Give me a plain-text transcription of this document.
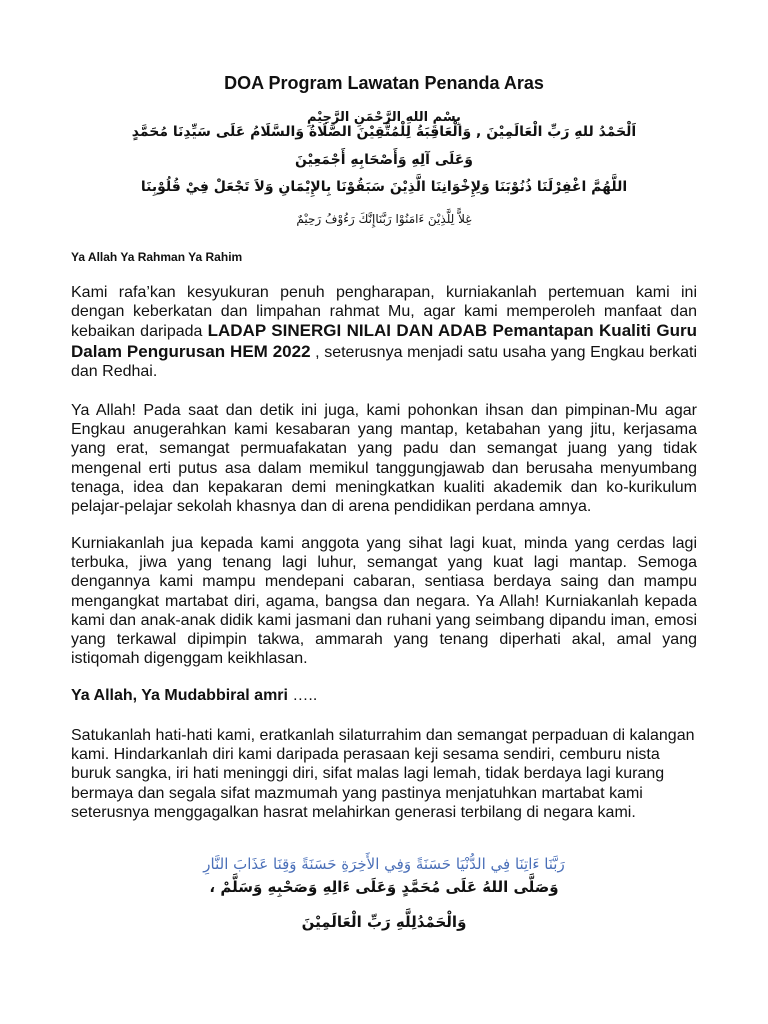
DOA Program Lawatan Penanda Aras
بِسْمِ اللهِ الرَّحْمَنِ الرَّحِيْمِ
اَلْحَمْدُ للهِ رَبِّ الْعَالَمِيْنَ , وَالْعَاقِبَةُ لِلْمُتَّقِيْنَ الصَّلَاةُ وَالسَّلَامُ عَلَى سَيِّدِنَا مُحَمَّدٍ
وَعَلَى آلِهِ وَأَصْحَابِهِ أَجْمَعِيْنَ
اللَّهُمَّ اغْفِرْلَنَا ذُنُوْبَنَا وَلِإِخْوَانِنَا الَّذِيْنَ سَبَقُوْنَا بِالإِيْمَانِ وَلاَ تَجْعَلْ فِيْ قُلُوْبِنَا
غِلاًّ لِلَّذِيْنَ ءَامَنُوْا رَبَّنَاإِنَّكَ رَءُوْفُ رَحِيْمٌ
Ya Allah Ya Rahman Ya Rahim

Kami rafa’kan kesyukuran penuh pengharapan, kurniakanlah pertemuan kami ini dengan keberkatan dan limpahan rahmat Mu, agar kami memperoleh manfaat dan kebaikan daripada LADAP SINERGI NILAI DAN ADAB Pemantapan Kualiti Guru Dalam Pengurusan HEM 2022 , seterusnya menjadi satu usaha yang Engkau berkati dan Redhai.

Ya Allah! Pada saat dan detik ini juga, kami pohonkan ihsan dan pimpinan-Mu agar Engkau anugerahkan kami kesabaran yang mantap, ketabahan yang jitu, kerjasama yang erat, semangat permuafakatan yang padu dan semangat juang yang tidak mengenal erti putus asa dalam memikul tanggungjawab dan berusaha menyumbang tenaga, idea dan kepakaran demi meningkatkan kualiti akademik dan ko-kurikulum pelajar-pelajar sekolah khasnya dan di arena pendidikan perdana amnya.

Kurniakanlah jua kepada kami anggota yang sihat lagi kuat, minda yang cerdas lagi terbuka, jiwa yang tenang lagi luhur, semangat yang kuat lagi mantap. Semoga dengannya kami mampu mendepani cabaran, sentiasa berdaya saing dan mampu mengangkat martabat diri, agama, bangsa dan negara. Ya Allah! Kurniakanlah kepada kami dan anak-anak didik kami jasmani dan ruhani yang seimbang dipandu iman, emosi yang terkawal dipimpin takwa, ammarah yang tenang diperhati akal, amal yang istiqomah digenggam keikhlasan.

Ya Allah, Ya Mudabbiral amri …..

Satukanlah hati-hati kami, eratkanlah silaturrahim dan semangat perpaduan di kalangan kami. Hindarkanlah diri kami daripada perasaan keji sesama sendiri, cemburu nista buruk sangka, iri hati meninggi diri, sifat malas lagi lemah, tidak berdaya lagi kurang bermaya dan segala sifat mazmumah yang pastinya menjatuhkan martabat kami seterusnya menggagalkan hasrat melahirkan generasi terbilang di negara kami.

رَبَّنَا ءَاتِنَا فِي الدُّنْيَا حَسَنَةً وَفِي الأَخِرَةِ حَسَنَةً وَقِنَا عَذَابَ النَّارِ
وَصَلَّى اللهُ عَلَى مُحَمَّدٍ وَعَلَى ءَالِهِ وَصَحْبِهِ وَسَلَّمْ ،
وَالْحَمْدُلِلَّهِ رَبِّ الْعَالَمِيْنَ
